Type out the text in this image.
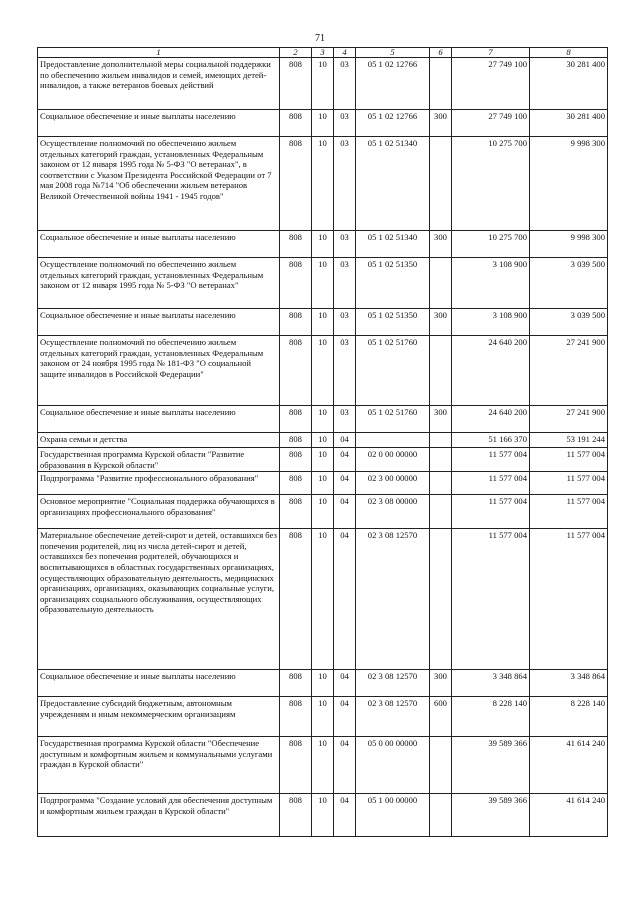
71
1	2	3	4	5	6	7	8
Предоставление дополнительной меры социальной поддержки по обеспечению жильем инвалидов и семей, имеющих детей-инвалидов, а также ветеранов боевых действий	808	10	03	05 1 02 12766		27 749 100	30 281 400
Социальное обеспечение и иные выплаты населению	808	10	03	05 1 02 12766	300	27 749 100	30 281 400
Осуществление полномочий по обеспечению жильем отдельных категорий граждан, установленных Федеральным законом от 12 января 1995 года № 5-ФЗ "О ветеранах", в соответствии с Указом Президента Российской Федерации от 7 мая 2008 года №714 "Об обеспечении жильем ветеранов Великой Отечественной войны 1941 - 1945 годов"	808	10	03	05 1 02 51340		10 275 700	9 998 300
Социальное обеспечение и иные выплаты населению	808	10	03	05 1 02 51340	300	10 275 700	9 998 300
Осуществление полномочий по обеспечению жильем отдельных категорий граждан, установленных Федеральным законом от 12 января 1995 года № 5-ФЗ "О ветеранах"	808	10	03	05 1 02 51350		3 108 900	3 039 500
Социальное обеспечение и иные выплаты населению	808	10	03	05 1 02 51350	300	3 108 900	3 039 500
Осуществление полномочий по обеспечению жильем отдельных категорий граждан, установленных Федеральным законом от 24 ноября 1995 года № 181-ФЗ "О социальной защите инвалидов в Российской Федерации"	808	10	03	05 1 02 51760		24 640 200	27 241 900
Социальное обеспечение и иные выплаты населению	808	10	03	05 1 02 51760	300	24 640 200	27 241 900
Охрана семьи и детства	808	10	04			51 166 370	53 191 244
Государственная программа Курской области "Развитие образования в Курской области"	808	10	04	02 0 00 00000		11 577 004	11 577 004
Подпрограмма "Развитие профессионального образования"	808	10	04	02 3 00 00000		11 577 004	11 577 004
Основное мероприятие "Социальная поддержка обучающихся в организациях профессионального образования"	808	10	04	02 3 08 00000		11 577 004	11 577 004
Материальное обеспечение детей-сирот и детей, оставшихся без попечения родителей, лиц из числа детей-сирот и детей, оставшихся без попечения родителей, обучающихся и воспитывающихся в областных государственных организациях, осуществляющих образовательную деятельность, медицинских организациях, организациях, оказывающих социальные услуги, организациях социального обслуживания, осуществляющих образовательную деятельность	808	10	04	02 3 08 12570		11 577 004	11 577 004
Социальное обеспечение и иные выплаты населению	808	10	04	02 3 08 12570	300	3 348 864	3 348 864
Предоставление субсидий бюджетным, автономным учреждениям и иным некоммерческим организациям	808	10	04	02 3 08 12570	600	8 228 140	8 228 140
Государственная программа Курской области "Обеспечение доступным и комфортным жильем и коммунальными услугами граждан в Курской области"	808	10	04	05 0 00 00000		39 589 366	41 614 240
Подпрограмма "Создание условий для обеспечения доступным и комфортным жильем граждан в Курской области"	808	10	04	05 1 00 00000		39 589 366	41 614 240
